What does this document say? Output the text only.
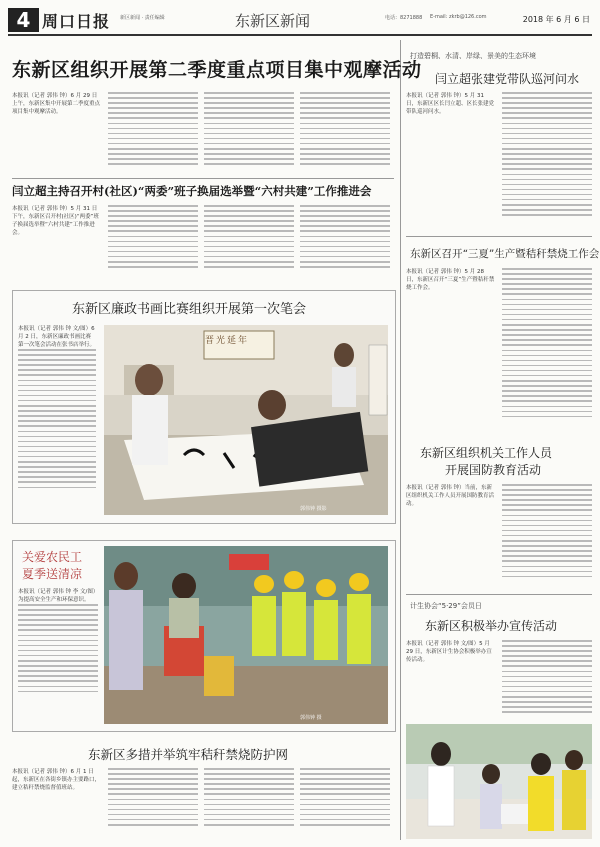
4 周口日报 新区新闻 · 责任编辑	东新区新闻	电话：8271888 E-mail: zkrb@126.com	2018 年 6 月 6 日
东新区组织开展第二季度重点项目集中观摩活动
本报讯（记者 郭伟 钟）6 月 29 日上午，东新区集中开展第二季度重点项目集中观摩活动。
闫立超主持召开村(社区)“两委”班子换届选举暨“六村共建”工作推进会
本报讯（记者 郭伟 钟）5 月 31 日下午，东新区召开村(社区)“两委”班子换届选举暨“六村共建”工作推进会。
东新区廉政书画比赛组织开展第一次笔会
本报讯（记者 郭伟 钟 文/图）6 月 2 日，东新区廉政书画比赛第一次笔会活动在张书店举行。	晋光延年
郭伟钟 摄影
关爱农民工
夏季送清凉
本报讯（记者 郭伟 钟 李 文/图）为提高安全生产和环保意识。
郭伟钟 摄
东新区多措并举筑牢秸秆禁烧防护网
本报讯（记者 郭伟 钟）6 月 1 日起，东新区在各街乡镇办主要路口，建立秸秆禁烧监督值班站。
打造碧桐、水清、岸绿、景美的生态环境
闫立超张建党带队巡河问水
本报讯（记者 郭伟 钟）5 月 31 日，东新区区长闫立超、区长张建党带队巡河问水。
东新区召开“三夏”生产暨秸秆禁烧工作会
本报讯（记者 郭伟 钟）5 月 28 日，东新区召开“三夏”生产暨秸秆禁烧工作会。
东新区组织机关工作人员
开展国防教育活动
本报讯（记者 郭伟 钟）当前，东新区组织机关工作人员开展国防教育活动。
计生协会“5·29”会员日
东新区积极举办宣传活动
本报讯（记者 郭伟 钟 文/图）5 月 29 日，东新区计生协会积极举办宣传活动。
